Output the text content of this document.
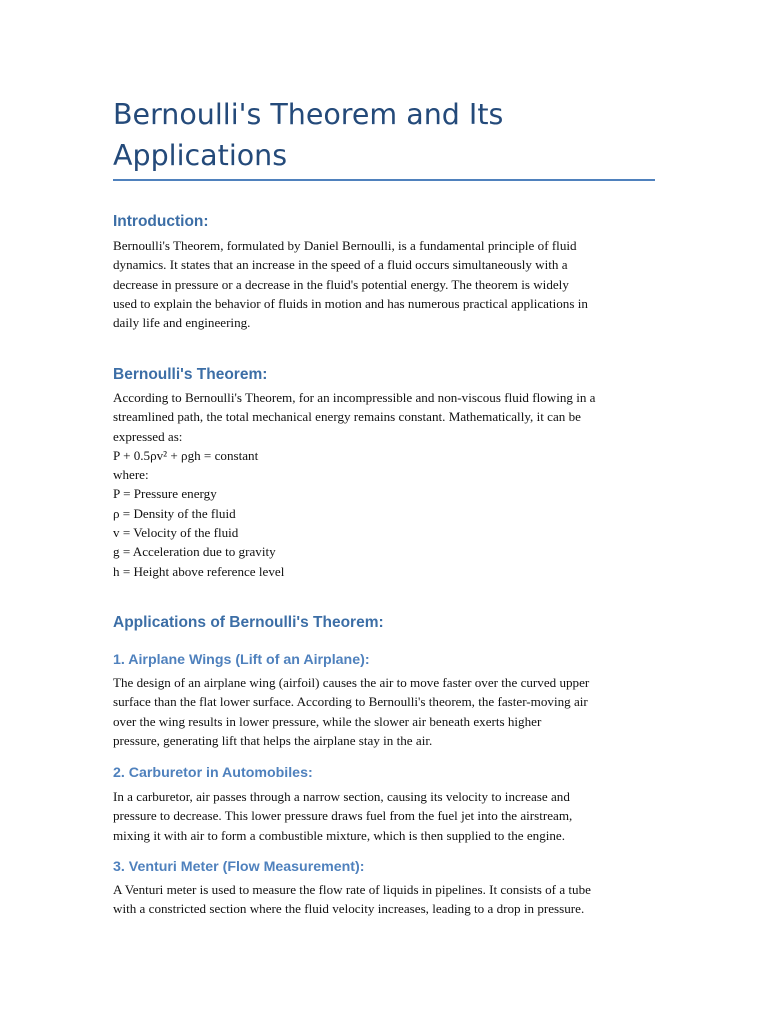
Bernoulli's Theorem and Its
Applications
Introduction:
Bernoulli's Theorem, formulated by Daniel Bernoulli, is a fundamental principle of fluid
dynamics. It states that an increase in the speed of a fluid occurs simultaneously with a
decrease in pressure or a decrease in the fluid's potential energy. The theorem is widely
used to explain the behavior of fluids in motion and has numerous practical applications in
daily life and engineering.
Bernoulli's Theorem:
According to Bernoulli's Theorem, for an incompressible and non-viscous fluid flowing in a
streamlined path, the total mechanical energy remains constant. Mathematically, it can be
expressed as:
P + 0.5ρv² + ρgh = constant
where:
P = Pressure energy
ρ = Density of the fluid
v = Velocity of the fluid
g = Acceleration due to gravity
h = Height above reference level
Applications of Bernoulli's Theorem:
1. Airplane Wings (Lift of an Airplane):
The design of an airplane wing (airfoil) causes the air to move faster over the curved upper
surface than the flat lower surface. According to Bernoulli's theorem, the faster-moving air
over the wing results in lower pressure, while the slower air beneath exerts higher
pressure, generating lift that helps the airplane stay in the air.
2. Carburetor in Automobiles:
In a carburetor, air passes through a narrow section, causing its velocity to increase and
pressure to decrease. This lower pressure draws fuel from the fuel jet into the airstream,
mixing it with air to form a combustible mixture, which is then supplied to the engine.
3. Venturi Meter (Flow Measurement):
A Venturi meter is used to measure the flow rate of liquids in pipelines. It consists of a tube
with a constricted section where the fluid velocity increases, leading to a drop in pressure.
